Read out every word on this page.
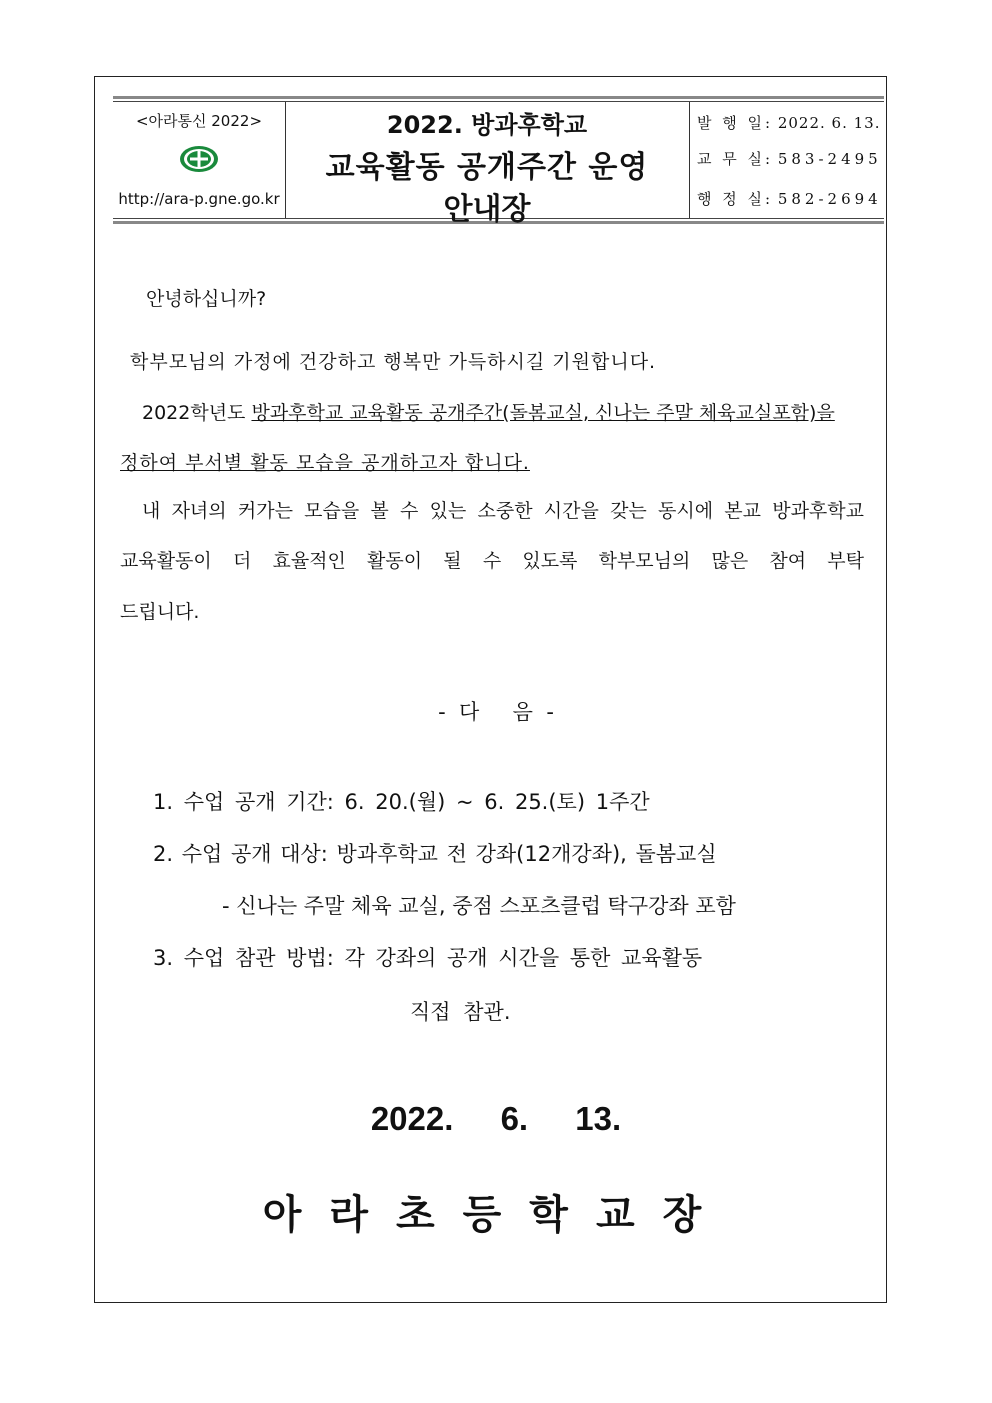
<아라통신 2022>
http://ara-p.gne.go.kr
2022. 방과후학교
교육활동 공개주간 운영
안내장
발 행 일: 2022. 6. 13.
교 무 실: 583-2495
행 정 실: 582-2694
안녕하십니까?
학부모님의 가정에 건강하고 행복만 가득하시길 기원합니다.
2022학년도 방과후학교 교육활동 공개주간(돌봄교실, 신나는 주말 체육교실포함)을
정하여 부서별 활동 모습을 공개하고자 합니다.
내 자녀의 커가는 모습을 볼 수 있는 소중한 시간을 갖는 동시에 본교 방과후학교
교육활동이 더 효율적인 활동이 될 수 있도록 학부모님의 많은 참여 부탁
드립니다.
-  다     음  -
1. 수업 공개 기간: 6. 20.(월) ~ 6. 25.(토) 1주간
2. 수업 공개 대상: 방과후학교 전 강좌(12개강좌), 돌봄교실
- 신나는 주말 체육 교실, 중점 스포츠클럽 탁구강좌 포함
3. 수업 참관 방법: 각 강좌의 공개 시간을 통한 교육활동
직접 참관.
2022. 6. 13.
아라초등학교장
